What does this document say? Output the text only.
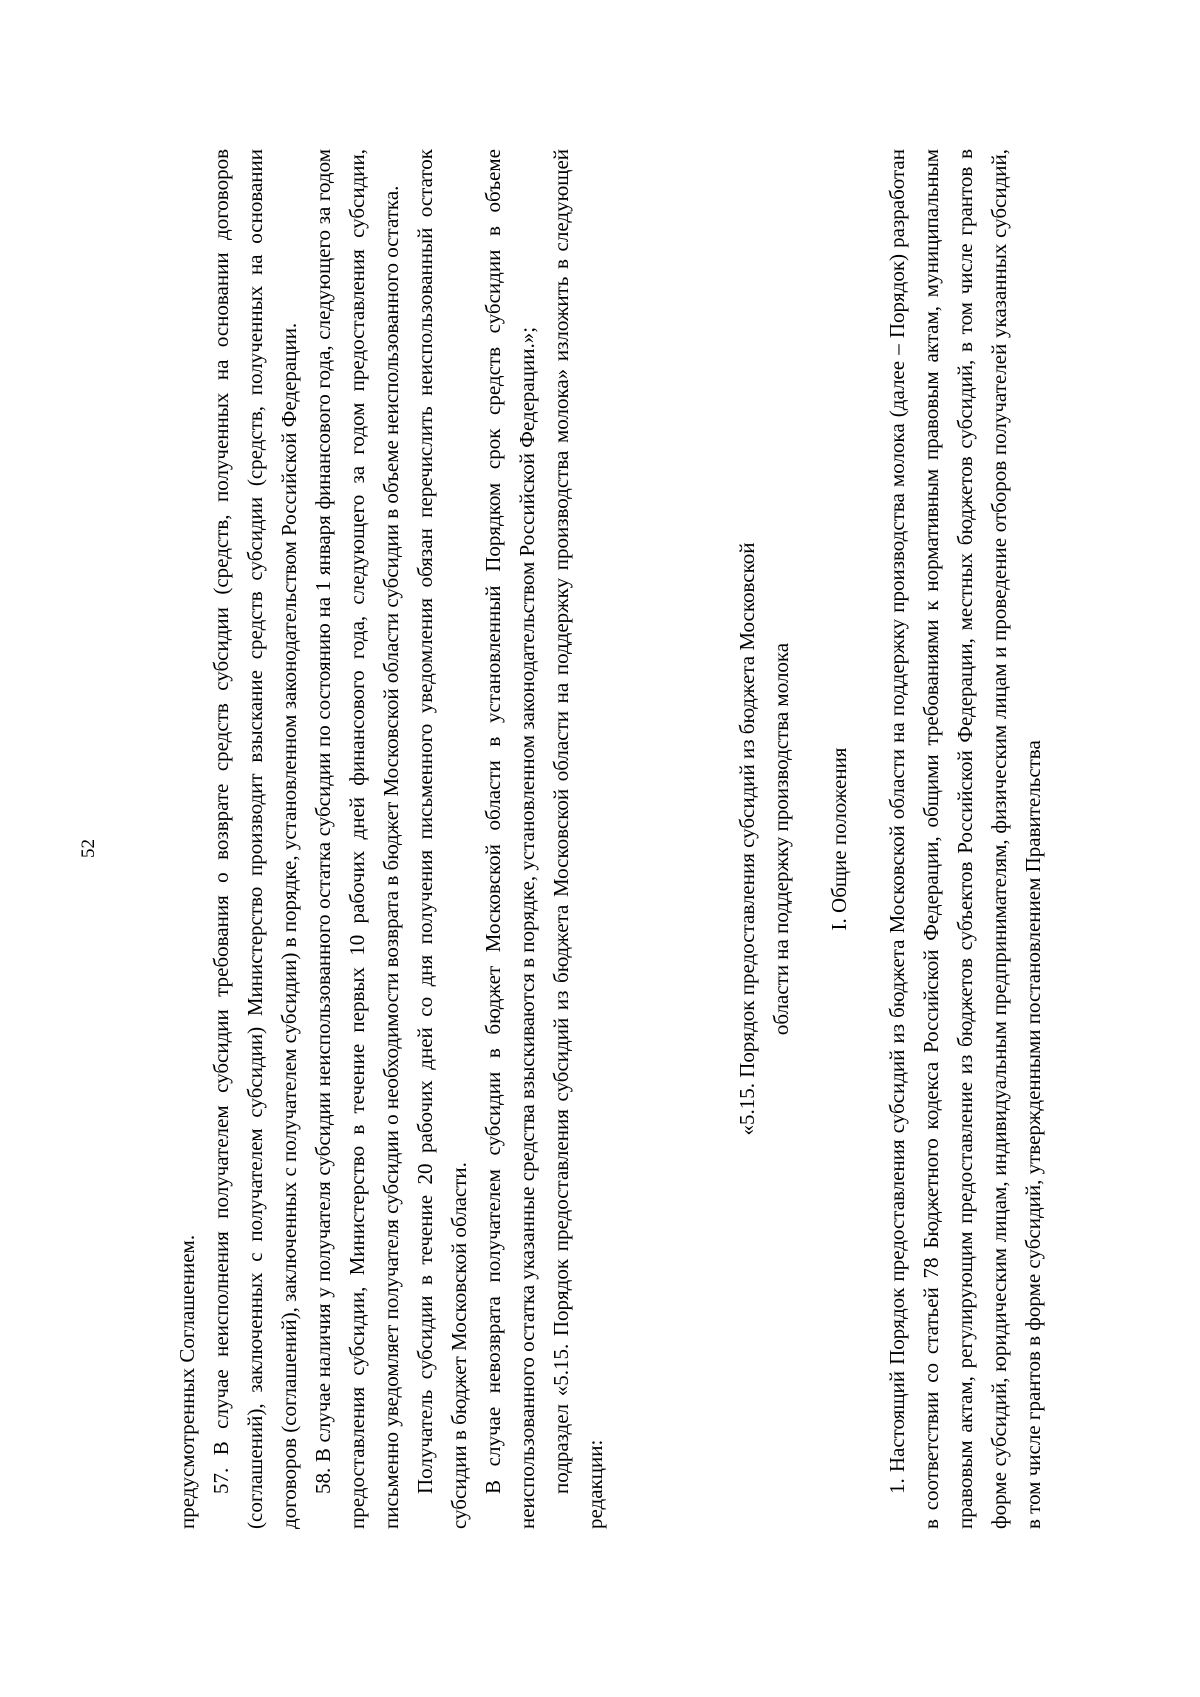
52

предусмотренных Соглашением. 57. В случае неисполнения получателем субсидии требования о возврате средств субсидии (средств, полученных на основании договоров (соглашений), заключенных с получателем субсидии) Министерство производит взыскание средств субсидии (средств, полученных на основании договоров (соглашений), заключенных с получателем субсидии) в порядке, установленном законодательством Российской Федерации. 58. В случае наличия у получателя субсидии неиспользованного остатка субсидии по состоянию на 1 января финансового года, следующего за годом предоставления субсидии, Министерство в течение первых 10 рабочих дней финансового года, следующего за годом предоставления субсидии, письменно уведомляет получателя субсидии о необходимости возврата в бюджет Московской области субсидии в объеме неиспользованного остатка. Получатель субсидии в течение 20 рабочих дней со дня получения письменного уведомления обязан перечислить неиспользованный остаток субсидии в бюджет Московской области. В случае невозврата получателем субсидии в бюджет Московской области в установленный Порядком срок средств субсидии в объеме неиспользованного остатка указанные средства взыскиваются в порядке, установленном законодательством Российской Федерации.»; подраздел «5.15. Порядок предоставления субсидий из бюджета Московской области на поддержку производства молока» изложить в следующей редакции:

«5.15. Порядок предоставления субсидий из бюджета Московской области на поддержку производства молока I. Общие положения 1. Настоящий Порядок предоставления субсидий из бюджета Московской области на поддержку производства молока (далее – Порядок) разработан в соответствии со статьей 78 Бюджетного кодекса Российской Федерации, общими требованиями к нормативным правовым актам, муниципальным правовым актам, регулирующим предоставление из бюджетов субъектов Российской Федерации, местных бюджетов субсидий, в том числе грантов в форме субсидий, юридическим лицам, индивидуальным предпринимателям, физическим лицам и проведение отборов получателей указанных субсидий, в том числе грантов в форме субсидий, утвержденными постановлением Правительства
